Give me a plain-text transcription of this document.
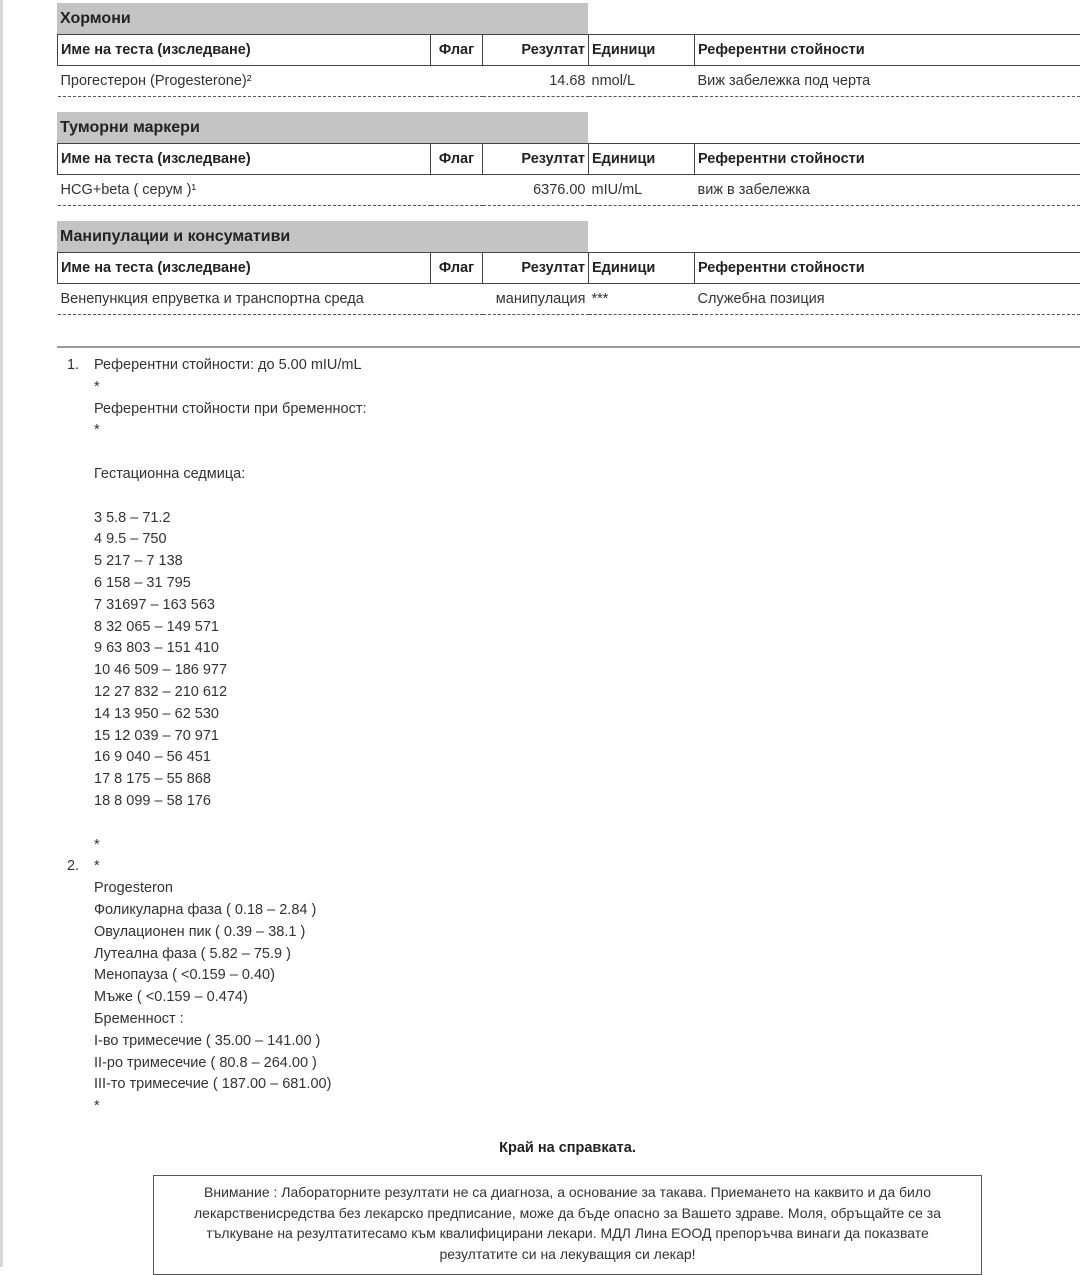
Хормони
Име на теста (изследване)	Флаг	Резултат	Единици	Референтни стойности
Прогестерон (Progesterone)²		14.68	nmol/L	Виж забележка под черта
Туморни маркери
Име на теста (изследване)	Флаг	Резултат	Единици	Референтни стойности
HCG+beta ( серум )¹		6376.00	mIU/mL	виж в забележка
Манипулации и консумативи
Име на теста (изследване)	Флаг	Резултат	Единици	Референтни стойности
Венепункция епруветка и транспортна среда		манипулация	***	Служебна позиция
1.	Референтни стойности: до 5.00 mIU/mL
*
Референтни стойности при бременност:
*
Гестационна седмица:
3 5.8 – 71.2
4 9.5 – 750
5 217 – 7 138
6 158 – 31 795
7 31697 – 163 563
8 32 065 – 149 571
9 63 803 – 151 410
10 46 509 – 186 977
12 27 832 – 210 612
14 13 950 – 62 530
15 12 039 – 70 971
16 9 040 – 56 451
17 8 175 – 55 868
18 8 099 – 58 176
*
2.	*
Progesteron
Фоликуларна фаза ( 0.18 – 2.84 )
Овулационен пик ( 0.39 – 38.1 )
Лутеална фаза ( 5.82 – 75.9 )
Менопауза ( <0.159 – 0.40)
Мъже ( <0.159 – 0.474)
Бременност :
I-во тримесечие ( 35.00 – 141.00 )
II-ро тримесечие ( 80.8 – 264.00 )
III-то тримесечие ( 187.00 – 681.00)
*
Край на справката.
Внимание : Лабораторните резултати не са диагноза, а основание за такава. Приемането на каквито и да било лекарственисредства без лекарско предписание, може да бъде опасно за Вашето здраве. Моля, обръщайте се за тълкуване на резултатитесамо към квалифицирани лекари. МДЛ Лина ЕООД препоръчва винаги да показвате резултатите си на лекуващия си лекар!
